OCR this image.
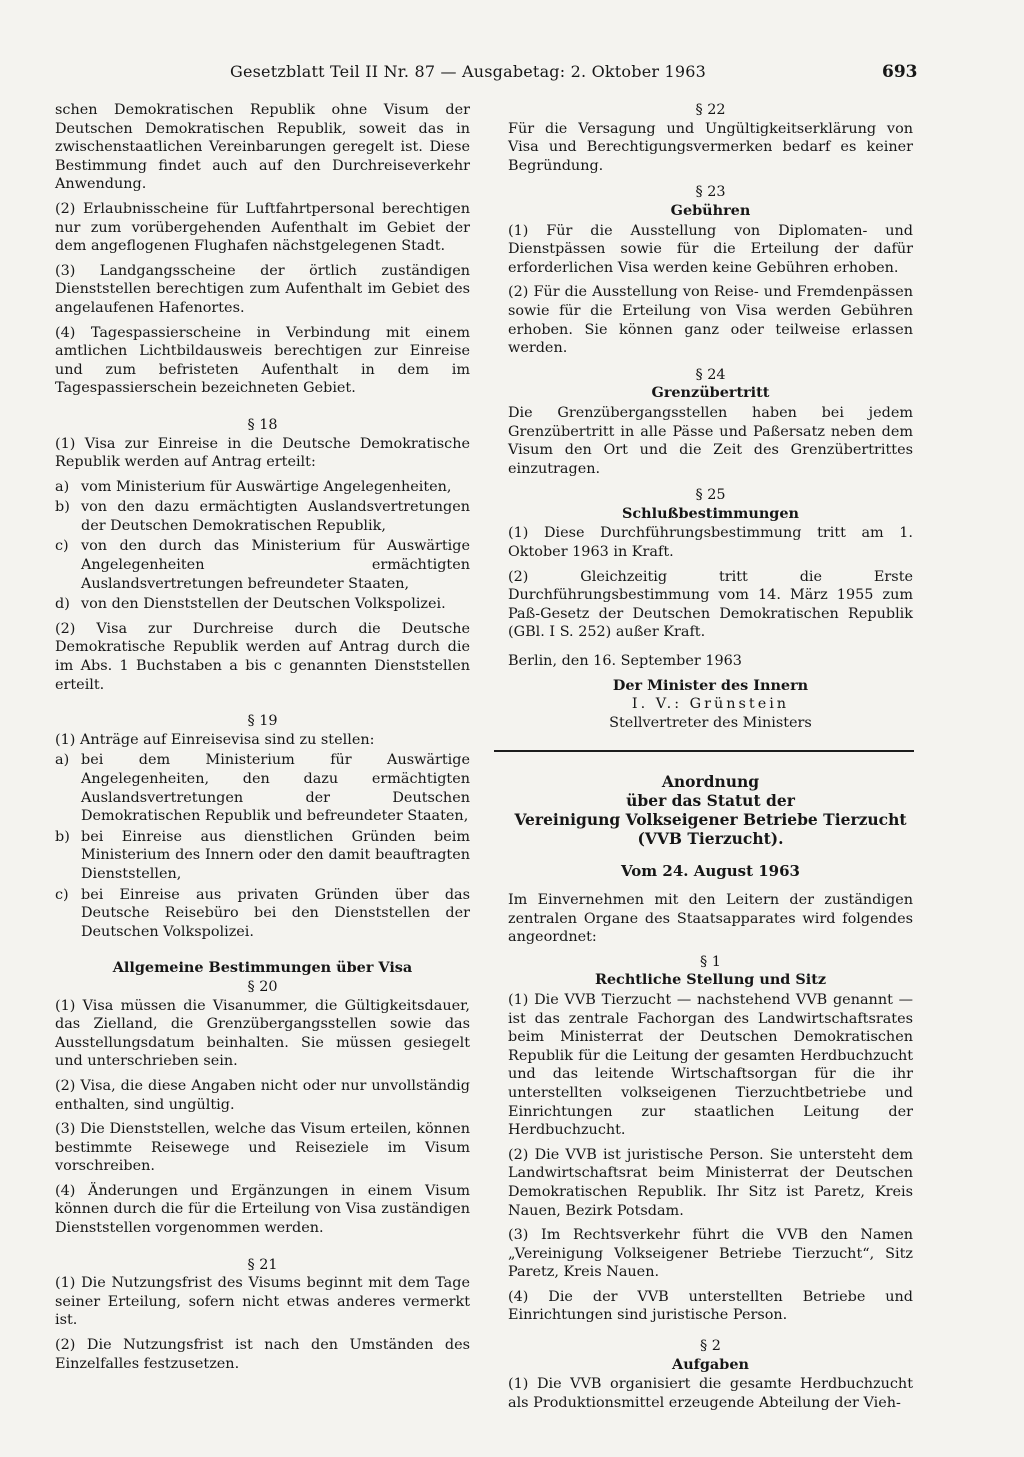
Gesetzblatt Teil II Nr. 87 — Ausgabetag: 2. Oktober 1963	693

schen Demokratischen Republik ohne Visum der Deutschen Demokratischen Republik, soweit das in zwischenstaatlichen Vereinbarungen geregelt ist. Diese Bestimmung findet auch auf den Durchreiseverkehr Anwendung.

(2) Erlaubnisscheine für Luftfahrtpersonal berechtigen nur zum vorübergehenden Aufenthalt im Gebiet der dem angeflogenen Flughafen nächstgelegenen Stadt.

(3) Landgangsscheine der örtlich zuständigen Dienststellen berechtigen zum Aufenthalt im Gebiet des angelaufenen Hafenortes.

(4) Tagespassierscheine in Verbindung mit einem amtlichen Lichtbildausweis berechtigen zur Einreise und zum befristeten Aufenthalt in dem im Tagespassierschein bezeichneten Gebiet.

§ 18

(1) Visa zur Einreise in die Deutsche Demokratische Republik werden auf Antrag erteilt:

a) vom Ministerium für Auswärtige Angelegenheiten,
b) von den dazu ermächtigten Auslandsvertretungen der Deutschen Demokratischen Republik,
c) von den durch das Ministerium für Auswärtige Angelegenheiten ermächtigten Auslandsvertretungen befreundeter Staaten,
d) von den Dienststellen der Deutschen Volkspolizei.

(2) Visa zur Durchreise durch die Deutsche Demokratische Republik werden auf Antrag durch die im Abs. 1 Buchstaben a bis c genannten Dienststellen erteilt.

§ 19

(1) Anträge auf Einreisevisa sind zu stellen:

a) bei dem Ministerium für Auswärtige Angelegenheiten, den dazu ermächtigten Auslandsvertretungen der Deutschen Demokratischen Republik und befreundeter Staaten,
b) bei Einreise aus dienstlichen Gründen beim Ministerium des Innern oder den damit beauftragten Dienststellen,
c) bei Einreise aus privaten Gründen über das Deutsche Reisebüro bei den Dienststellen der Deutschen Volkspolizei.
Allgemeine Bestimmungen über Visa
§ 20

(1) Visa müssen die Visanummer, die Gültigkeitsdauer, das Zielland, die Grenzübergangsstellen sowie das Ausstellungsdatum beinhalten. Sie müssen gesiegelt und unterschrieben sein.

(2) Visa, die diese Angaben nicht oder nur unvollständig enthalten, sind ungültig.

(3) Die Dienststellen, welche das Visum erteilen, können bestimmte Reisewege und Reiseziele im Visum vorschreiben.

(4) Änderungen und Ergänzungen in einem Visum können durch die für die Erteilung von Visa zuständigen Dienststellen vorgenommen werden.

§ 21

(1) Die Nutzungsfrist des Visums beginnt mit dem Tage seiner Erteilung, sofern nicht etwas anderes vermerkt ist.

(2) Die Nutzungsfrist ist nach den Umständen des Einzelfalles festzusetzen.

§ 22

Für die Versagung und Ungültigkeitserklärung von Visa und Berechtigungsvermerken bedarf es keiner Begründung.

§ 23
Gebühren

(1) Für die Ausstellung von Diplomaten- und Dienstpässen sowie für die Erteilung der dafür erforderlichen Visa werden keine Gebühren erhoben.

(2) Für die Ausstellung von Reise- und Fremdenpässen sowie für die Erteilung von Visa werden Gebühren erhoben. Sie können ganz oder teilweise erlassen werden.

§ 24
Grenzübertritt

Die Grenzübergangsstellen haben bei jedem Grenzübertritt in alle Pässe und Paßersatz neben dem Visum den Ort und die Zeit des Grenzübertrittes einzutragen.

§ 25
Schlußbestimmungen

(1) Diese Durchführungsbestimmung tritt am 1. Oktober 1963 in Kraft.

(2) Gleichzeitig tritt die Erste Durchführungsbestimmung vom 14. März 1955 zum Paß-Gesetz der Deutschen Demokratischen Republik (GBl. I S. 252) außer Kraft.

Berlin, den 16. September 1963

Der Minister des Innern
I. V.: Grünstein
Stellvertreter des Ministers
Anordnung
über das Statut der
Vereinigung Volkseigener Betriebe Tierzucht
(VVB Tierzucht).
Vom 24. August 1963

Im Einvernehmen mit den Leitern der zuständigen zentralen Organe des Staatsapparates wird folgendes angeordnet:

§ 1
Rechtliche Stellung und Sitz

(1) Die VVB Tierzucht — nachstehend VVB genannt — ist das zentrale Fachorgan des Landwirtschaftsrates beim Ministerrat der Deutschen Demokratischen Republik für die Leitung der gesamten Herdbuchzucht und das leitende Wirtschaftsorgan für die ihr unterstellten volkseigenen Tierzuchtbetriebe und Einrichtungen zur staatlichen Leitung der Herdbuchzucht.

(2) Die VVB ist juristische Person. Sie untersteht dem Landwirtschaftsrat beim Ministerrat der Deutschen Demokratischen Republik. Ihr Sitz ist Paretz, Kreis Nauen, Bezirk Potsdam.

(3) Im Rechtsverkehr führt die VVB den Namen „Vereinigung Volkseigener Betriebe Tierzucht“, Sitz Paretz, Kreis Nauen.

(4) Die der VVB unterstellten Betriebe und Einrichtungen sind juristische Person.

§ 2
Aufgaben

(1) Die VVB organisiert die gesamte Herdbuchzucht als Produktionsmittel erzeugende Abteilung der Vieh-
